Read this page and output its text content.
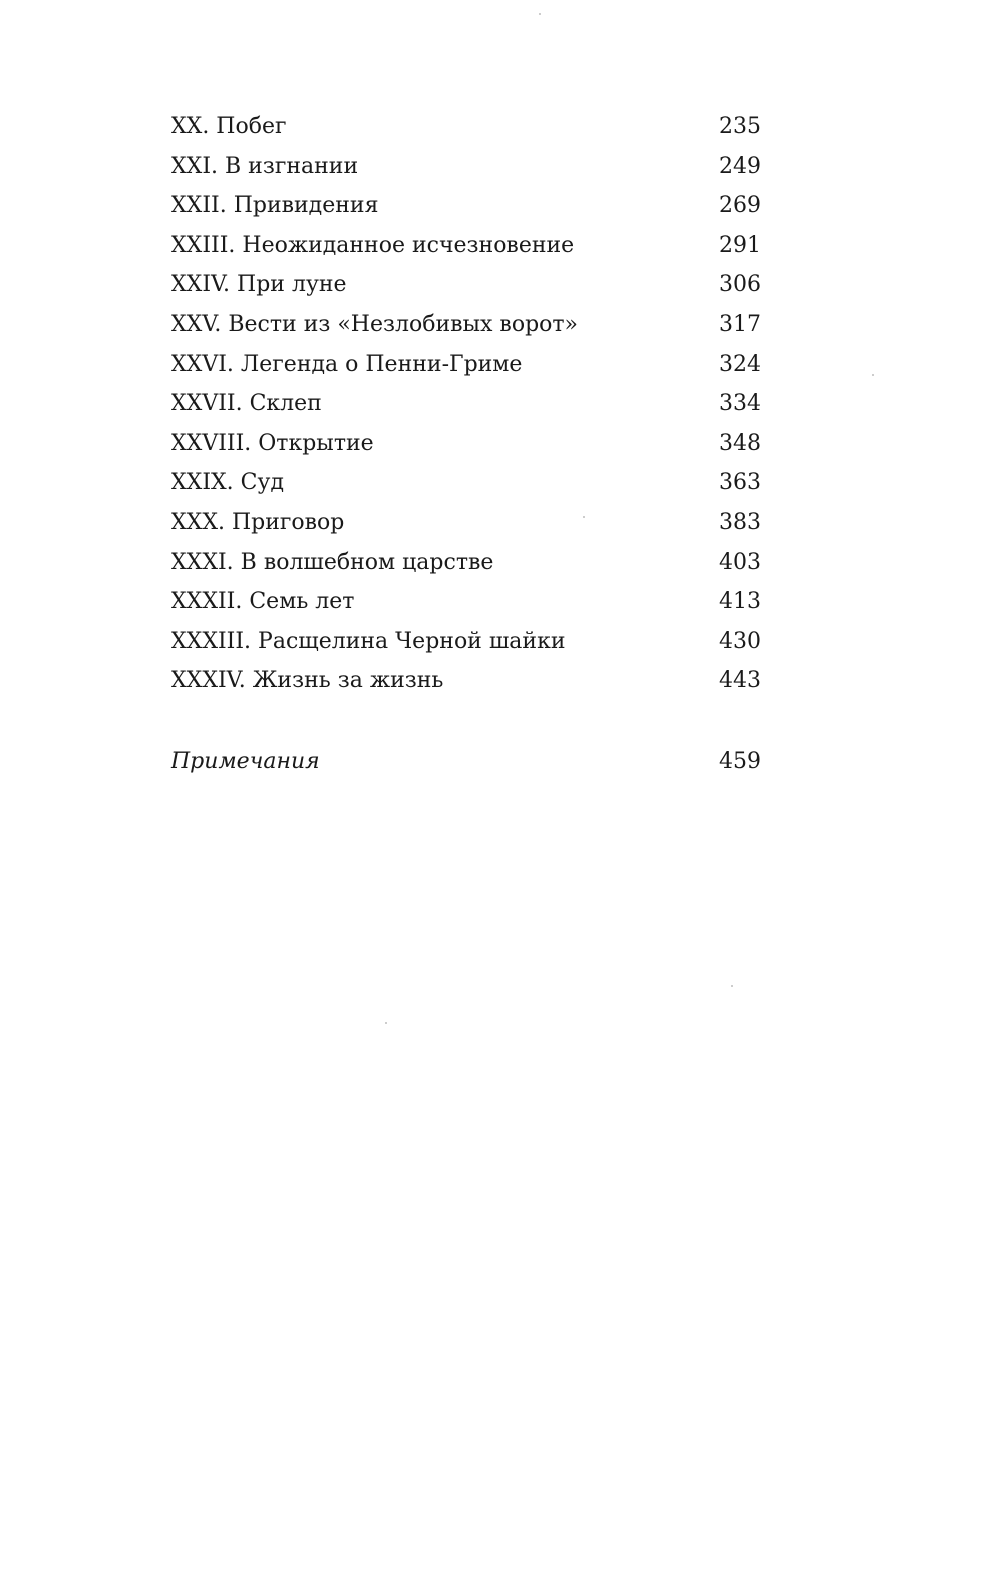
XX. Побег	235
XXI. В изгнании	249
XXII. Привидения	269
XXIII. Неожиданное исчезновение	291
XXIV. При луне	306
XXV. Вести из «Незлобивых ворот»	317
XXVI. Легенда о Пенни-Гриме	324
XXVII. Склеп	334
XXVIII. Открытие	348
XXIX. Суд	363
XXX. Приговор	383
XXXI. В волшебном царстве	403
XXXII. Семь лет	413
XXXIII. Расщелина Черной шайки	430
XXXIV. Жизнь за жизнь	443
Примечания	459
